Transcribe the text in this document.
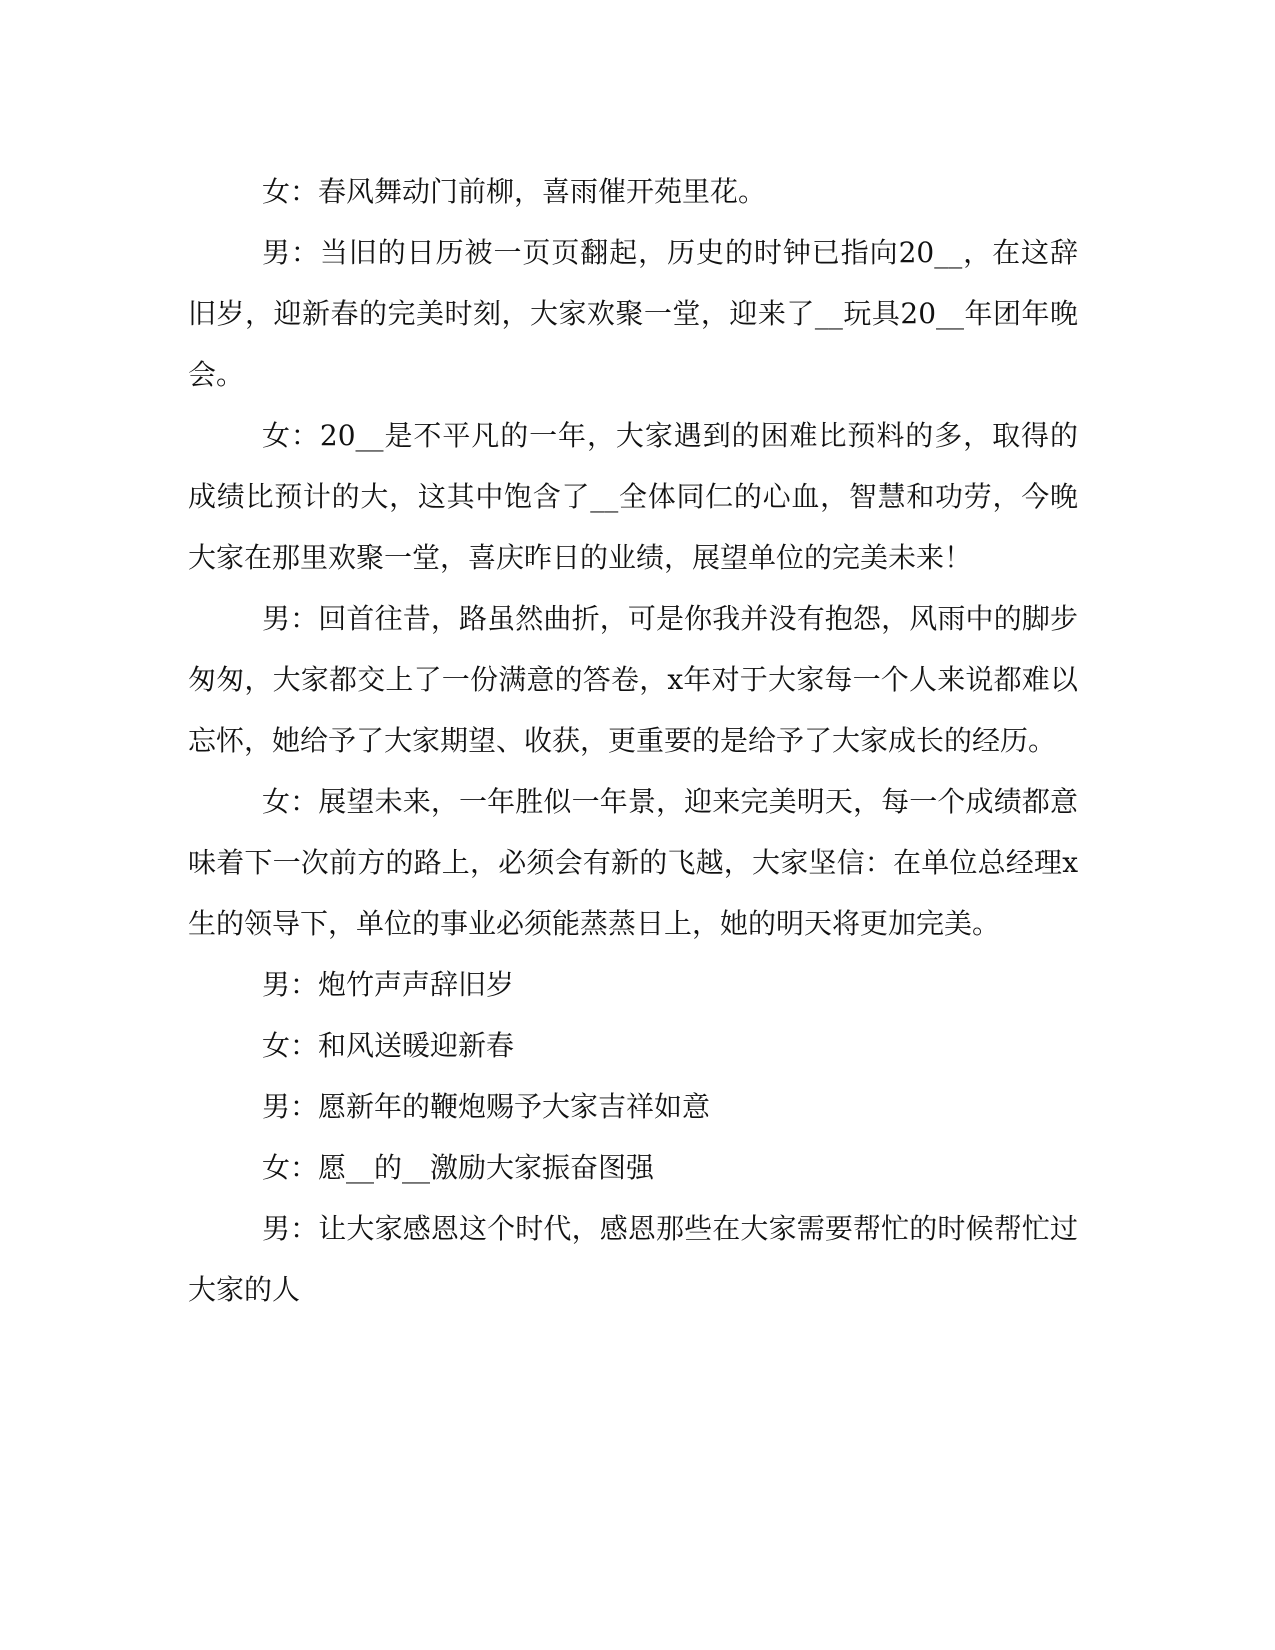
女：春风舞动门前柳，喜雨催开苑里花。

男：当旧的日历被一页页翻起，历史的时钟已指向20__，在这辞旧岁，迎新春的完美时刻，大家欢聚一堂，迎来了__玩具20__年团年晚会。

女：20__是不平凡的一年，大家遇到的困难比预料的多，取得的成绩比预计的大，这其中饱含了__全体同仁的心血，智慧和功劳，今晚大家在那里欢聚一堂，喜庆昨日的业绩，展望单位的完美未来！

男：回首往昔，路虽然曲折，可是你我并没有抱怨，风雨中的脚步匆匆，大家都交上了一份满意的答卷，x年对于大家每一个人来说都难以忘怀，她给予了大家期望、收获，更重要的是给予了大家成长的经历。

女：展望未来，一年胜似一年景，迎来完美明天，每一个成绩都意味着下一次前方的路上，必须会有新的飞越，大家坚信：在单位总经理x生的领导下，单位的事业必须能蒸蒸日上，她的明天将更加完美。

男：炮竹声声辞旧岁

女：和风送暖迎新春

男：愿新年的鞭炮赐予大家吉祥如意

女：愿__的__激励大家振奋图强

男：让大家感恩这个时代，感恩那些在大家需要帮忙的时候帮忙过大家的人
